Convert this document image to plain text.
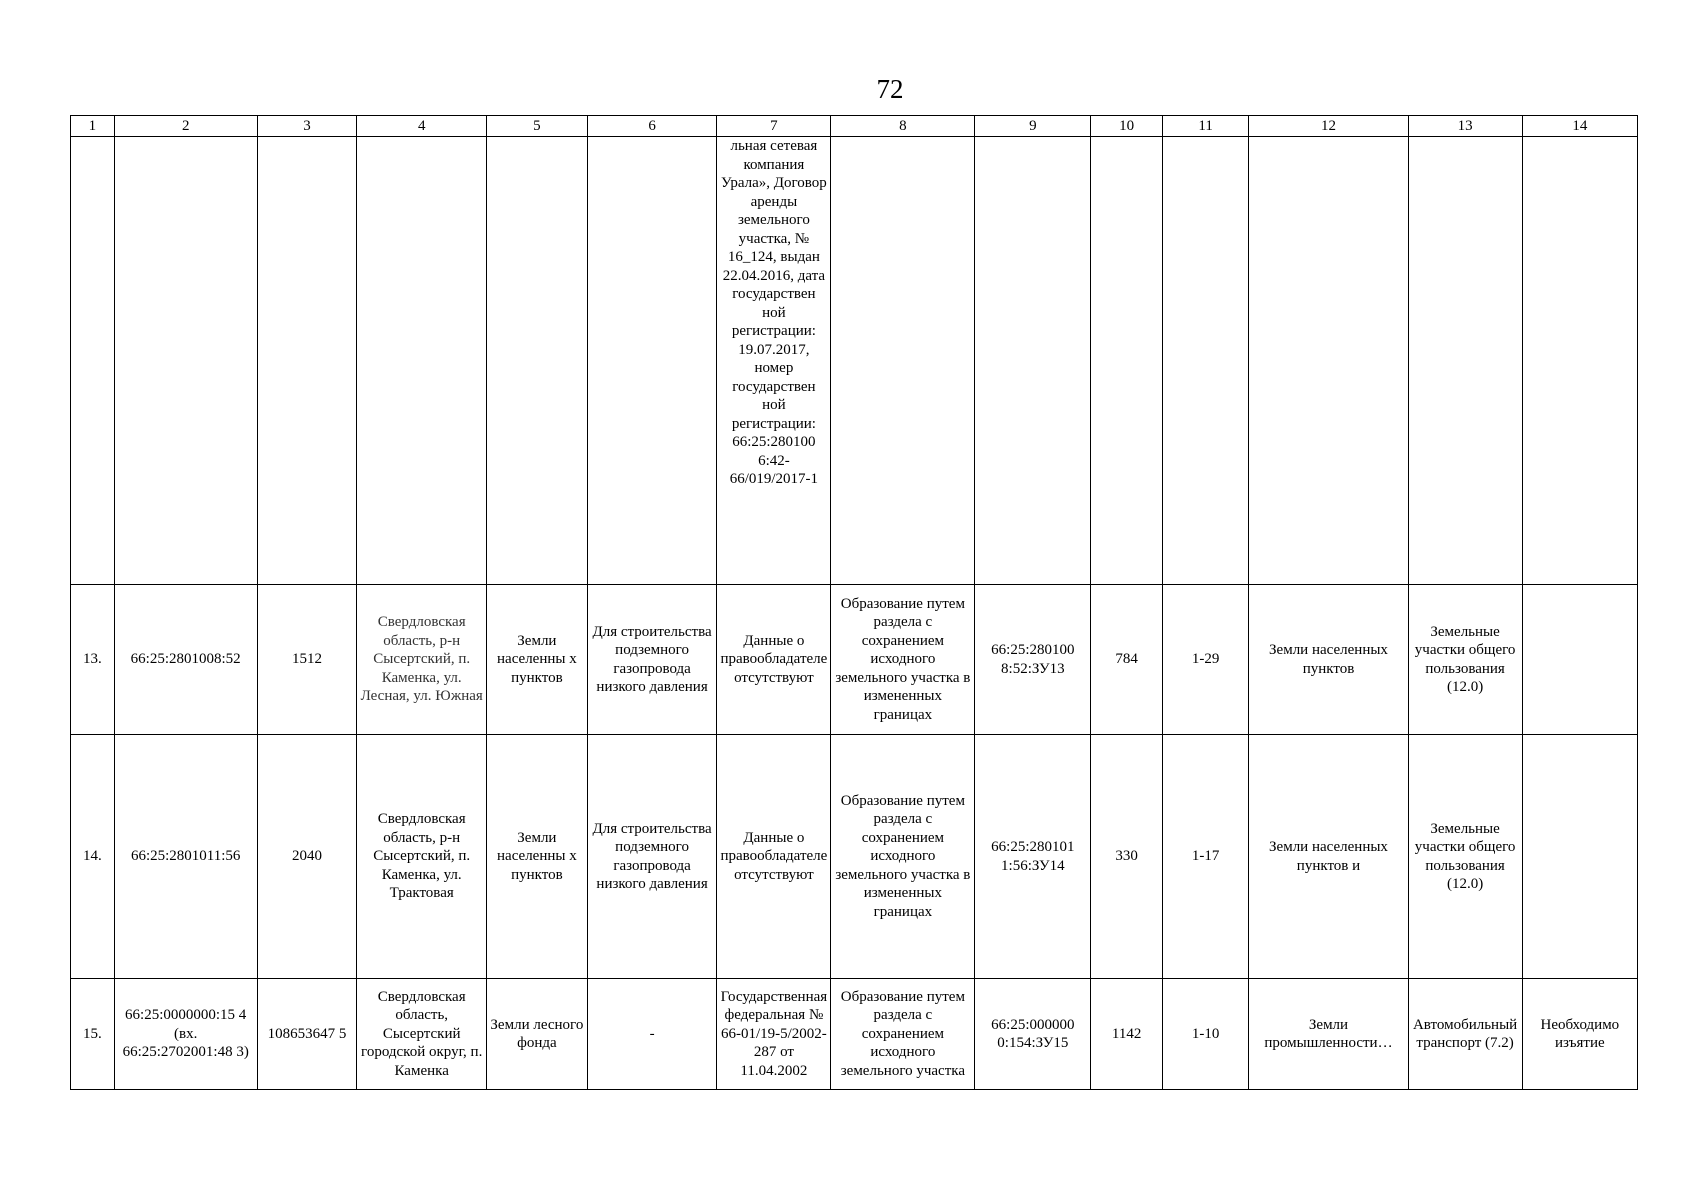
72
1	2	3	4	5	6	7	8	9	10	11	12	13	14
						льная сетевая компания Урала», Договор аренды земельного участка, № 16_124, выдан 22.04.2016, дата государствен ной регистрации: 19.07.2017, номер государствен ной регистрации: 66:25:280100 6:42-66/019/2017-1							
13.	66:25:2801008:52	1512	Свердловская область, р-н Сысертский, п. Каменка, ул. Лесная, ул. Южная	Земли населенны х пунктов	Для строительства подземного газопровода низкого давления	Данные о правообладателе отсутствуют	Образование путем раздела с сохранением исходного земельного участка в измененных границах	66:25:280100 8:52:ЗУ13	784	1-29	Земли населенных пунктов	Земельные участки общего пользования (12.0)	
14.	66:25:2801011:56	2040	Свердловская область, р-н Сысертский, п. Каменка, ул. Трактовая	Земли населенны х пунктов	Для строительства подземного газопровода низкого давления	Данные о правообладателе отсутствуют	Образование путем раздела с сохранением исходного земельного участка в измененных границах	66:25:280101 1:56:ЗУ14	330	1-17	Земли населенных пунктов и	Земельные участки общего пользования (12.0)	
15.	66:25:0000000:15 4 (вх. 66:25:2702001:48 3)	108653647 5	Свердловская область, Сысертский городской округ, п. Каменка	Земли лесного фонда	-	Государственная федеральная № 66-01/19-5/2002-287 от 11.04.2002	Образование путем раздела с сохранением исходного земельного участка	66:25:000000 0:154:ЗУ15	1142	1-10	Земли промышленности…	Автомобильный транспорт (7.2)	Необходимо изъятие
